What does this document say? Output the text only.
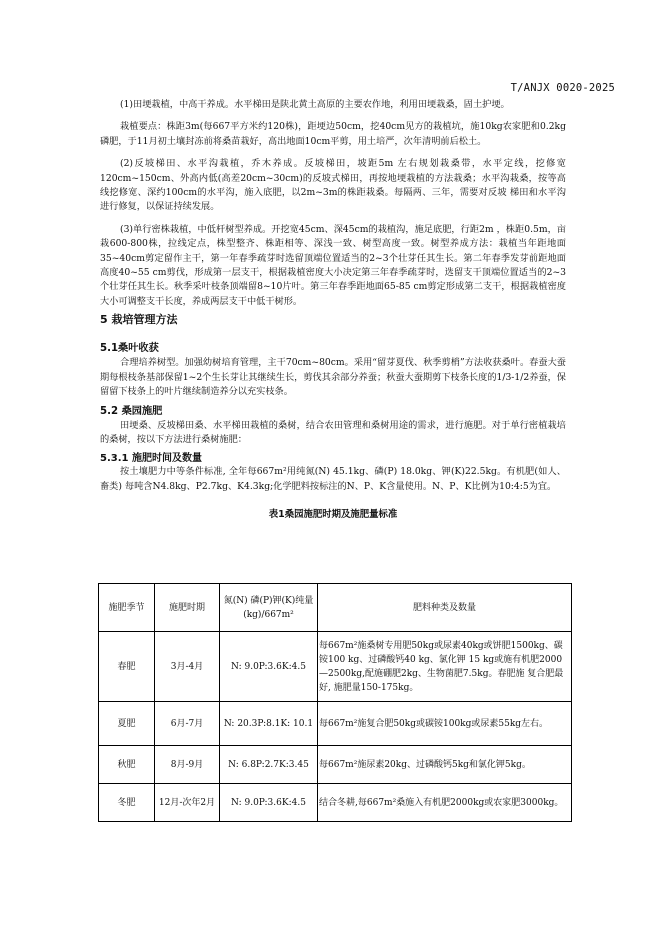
T/ANJX 0020-2025

(1)田埂栽植，中高干养成。水平梯田是陕北黄土高原的主要农作地，利用田埂栽桑，固土护埂。

栽植要点：株距3m(每667平方米约120株)，距埂边50cm，挖40cm见方的栽植坑，施10kg农家肥和0.2kg磷肥，于11月初土壤封冻前将桑苗栽好，高出地面10cm平剪，用土培严，次年清明前后松土。

(2)反坡梯田、水平沟栽植，乔木养成。反坡梯田，坡距5m 左右规划栽桑带，水平定线，挖修宽120cm~150cm、外高内低(高差20cm~30cm)的反坡式梯田，再按地埂栽植的方法栽桑；水平沟栽桑，按等高线挖修宽、深约100cm的水平沟，施入底肥，以2m~3m的株距栽桑。每隔两、三年，需要对反坡 梯田和水平沟进行修复，以保证持续发展。

(3)单行密株栽植，中低杆树型养成。开挖宽45cm、深45cm的栽植沟，施足底肥，行距2m ，株距0.5m，亩栽600-800株，拉线定点，株型整齐、株距相等、深浅一致、树型高度一致。树型养成方法：栽植当年距地面 35~40cm剪定留作主干，第一年春季疏芽时选留顶端位置适当的2~3个壮芽任其生长。第二年春季发芽前距地面高度40~55 cm剪伐，形成第一层支干，根据栽植密度大小决定第三年春季疏芽时，选留支干顶端位置适当的2~3个壮芽任其生长。秋季采叶枝条顶端留8~10片叶。第三年春季距地面65-85 cm剪定形成第二支干，根据栽植密度大小可调整支干长度，养成两层支干中低干树形。

5 栽培管理方法
5.1桑叶收获

合理培养树型。加强幼树培育管理，主干70cm~80cm。采用“留芽夏伐、秋季剪梢”方法收获桑叶。春蚕大蚕期每根枝条基部保留1~2个生长芽让其继续生长，剪伐其余部分养蚕；秋蚕大蚕期剪下枝条长度的1/3-1/2养蚕，保留留下枝条上的叶片继续制造养分以充实枝条。

5.2 桑园施肥

田埂桑、反坡梯田桑、水平梯田栽植的桑树，结合农田管理和桑树用途的需求，进行施肥。对于单行密植栽培的桑树，按以下方法进行桑树施肥：

5.3.1 施肥时间及数量

按土壤肥力中等条件标准, 全年每667m²用纯氮(N) 45.1kg、磷(P) 18.0kg、钾(K)22.5kg。有机肥(如人、畜类) 每吨含N4.8kg、P2.7kg、K4.3kg;化学肥料按标注的N、P、K含量使用。N、P、K比例为10:4:5为宜。

表1桑园施肥时期及施肥量标准
施肥季节	施肥时期	氮(N) 磷(P)钾(K)纯量(kg)/667m²	肥料种类及数量
春肥	3月-4月	N: 9.0P:3.6K:4.5	每667m²施桑树专用肥50kg或尿素40kg或饼肥1500kg、碳铵100 kg、过磷酸钙40 kg、氯化钾 15 kg或施有机肥2000—2500kg,配施硼肥2kg、生物菌肥7.5kg。春肥施 复合肥最好, 施肥量150-175kg。
夏肥	6月-7月	N: 20.3P:8.1K: 10.1	每667m²施复合肥50kg或碳铵100kg或尿素55kg左右。
秋肥	8月-9月	N: 6.8P:2.7K:3.45	每667m²施尿素20kg、过磷酸钙5kg和氯化钾5kg。
冬肥	12月-次年2月	N: 9.0P:3.6K:4.5	结合冬耕,每667m²桑施入有机肥2000kg或农家肥3000kg。
